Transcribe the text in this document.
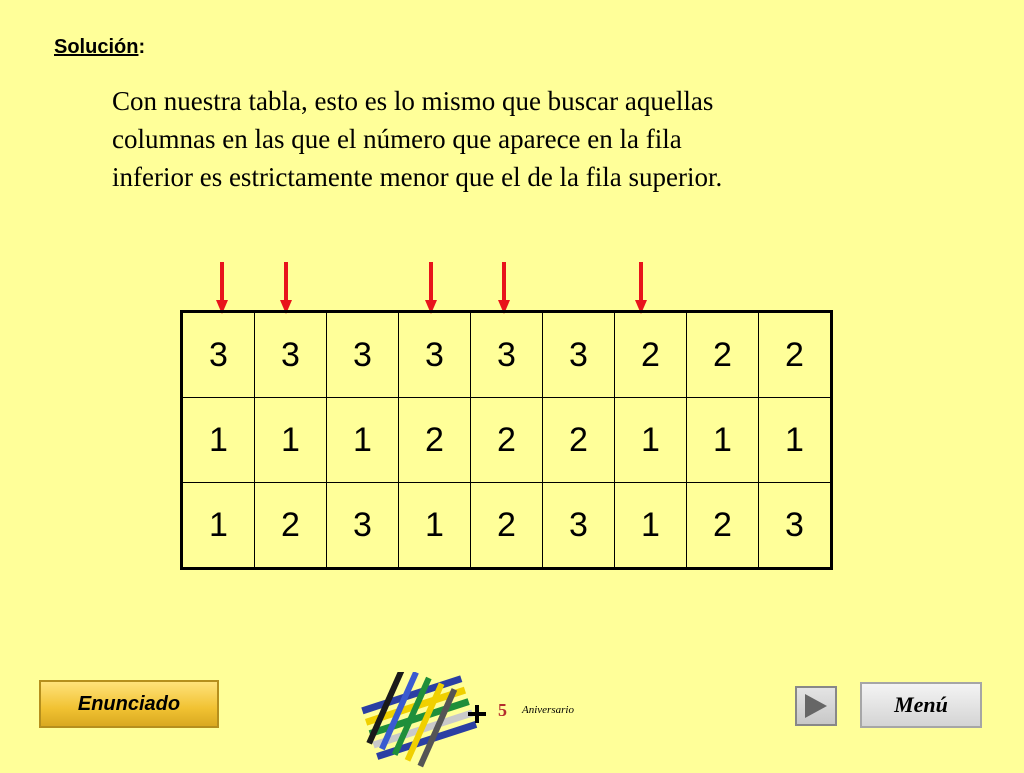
Solución:
Con nuestra tabla, esto es lo mismo que buscar aquellas
columnas en las que el número que aparece en la fila
inferior es estrictamente menor que el de la fila superior.
3	3	3	3	3	3	2	2	2
1	1	1	2	2	2	1	1	1
1	2	3	1	2	3	1	2	3
Enunciado	5 Aniversario	Menú
